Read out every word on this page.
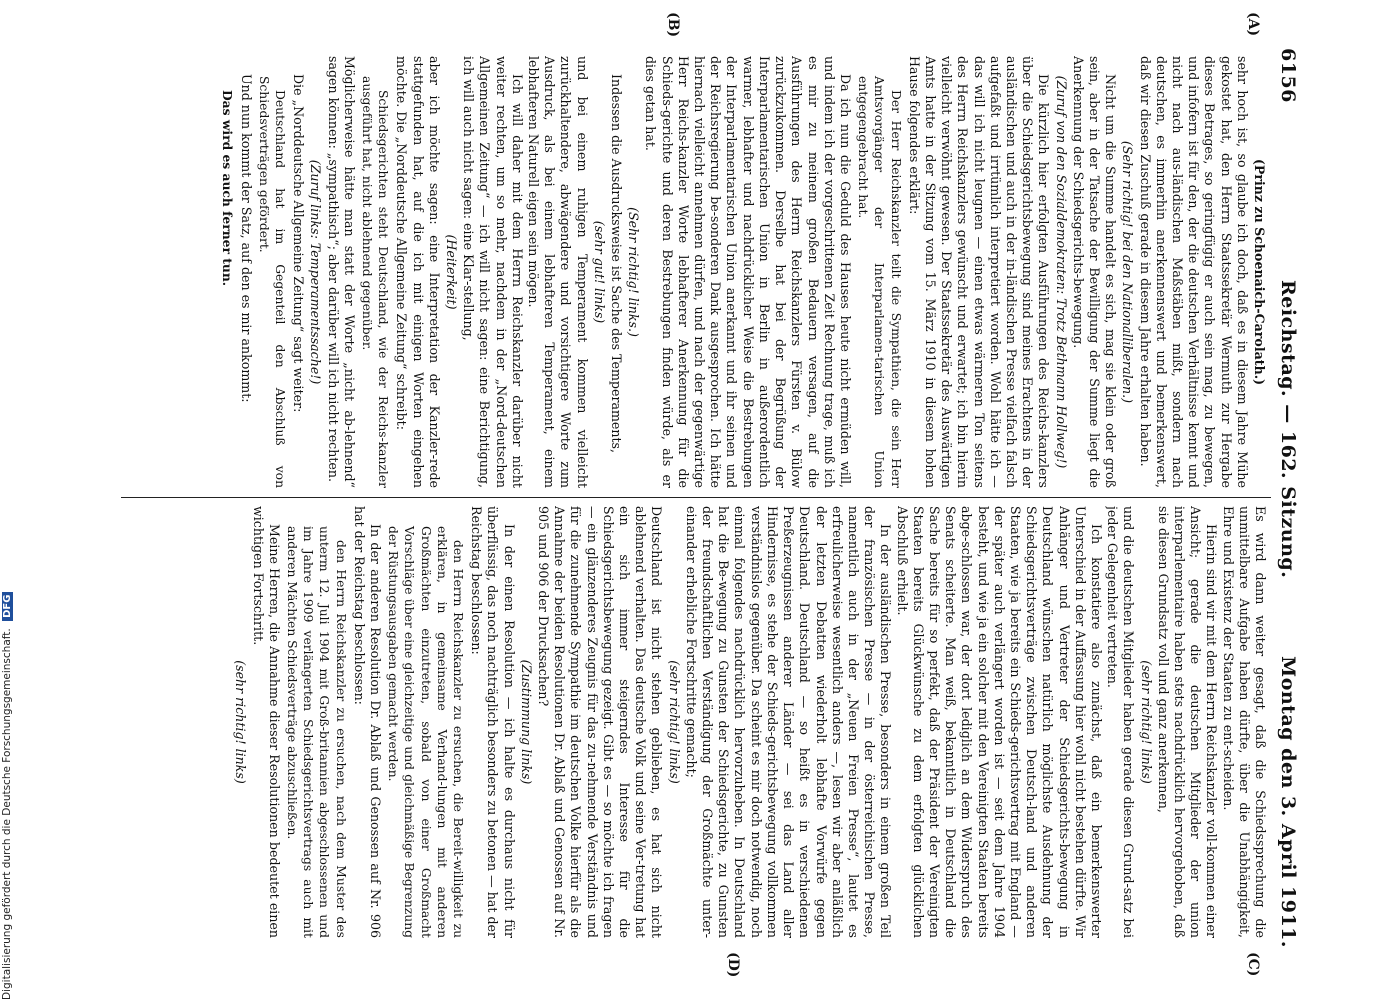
6156
Reichstag. — 162. Sitzung.
Montag den 3. April 1911.
(A)
(B)
(C)
(D)
(Prinz zu Schoenaich-Carolath.)

sehr hoch ist, so glaube ich doch, daß es in diesem Jahre Mühe gekostet hat, den Herrn Staatssekretär Wermuth zur Hergabe dieses Betrages, so geringfügig er auch sein mag, zu bewegen, und infofern ist für den, der die deutschen Verhältnisse kennt und nicht nach aus-ländischen Maßstäben mißt, sondern nach deutschen, es immerhin anerkennenswert und bemerkenswert, daß wir diesen Zuschuß gerade in diesem Jahre erhalten haben.

(Sehr richtig! bei den Nationalliberalen.)

Nicht um die Summe handelt es sich, mag sie klein oder groß sein, aber in der Tatsache der Bewilligung der Summe liegt die Anerkennung der Schiedsgerichts-bewegung.

(Zuruf von den Sozialdemokraten: Trotz Bethmann Hollweg!)

Die kürzlich hier erfolgten Ausführungen des Reichs-kanzlers über die Schiedsgerichtsbewegung sind meines Erachtens in der ausländischen und auch in der in-ländischen Presse vielfach falsch aufgefaßt und irrtümlich interpretiert worden. Wohl hätte ich — das will ich nicht leugnen — einen etwas wärmeren Ton seitens des Herrn Reichskanzlers gewünscht und erwartet; ich bin hierin vielleicht verwöhnt gewesen. Der Staatssekretär des Auswärtigen Amts hatte in der Sitzung vom 15. März 1910 in diesem hohen Hause folgendes erklärt:

Der Herr Reichskanzler teilt die Sympathien, die sein Herr Amtsvorgänger der Interparlamen-tarischen Union entgegengebracht hat.

Da ich nun die Geduld des Hauses heute nicht ermüden will, und indem ich der vorgeschrittenen Zeit Rechnung trage, muß ich es mir zu meinem großen Bedauern versagen, auf die Ausführungen des Herrn Reichskanzlers Fürsten v. Bülow zurückzukommen. Derselbe hat bei der Begrüßung der Interparlamentarischen Union in Berlin in außerordentlich warmer, lebhafter und nachdrücklicher Weise die Bestrebungen der Interparlamentarischen Union anerkannt und ihr seinen und der Reichsregierung be-sonderen Dank ausgesprochen. Ich hätte hiernach vielleicht annehmen dürfen, und nach der gegenwärtige Herr Reichs-kanzler Worte lebhafterer Anerkennung für die Schieds-gerichte und deren Bestrebungen finden würde, als er dies getan hat.

(Sehr richtig! links.)

Indessen die Ausdrucksweise ist Sache des Temperaments,

(sehr gut! links)

und bei einem ruhigen Temperament kommen vielleicht zurückhaltendere, abwägendere und vorsichtigere Worte zum Ausdruck, als bei einem lebhafteren Temperament, einem lebhafteren Naturell eigen sein mögen.

Ich will daher mit dem Herrn Reichskanzler darüber nicht weiter rechten, um so mehr, nachdem in der „Nord-deutschen Allgemeinen Zeitung“ — ich will nicht sagen: eine Berichtigung, ich will auch nicht sagen: eine Klar-stellung,

(Heiterkeit)

aber ich möchte sagen: eine Interpretation der Kanzler-rede stattgefunden hat, auf die ich mit einigen Worten eingehen möchte. Die „Norddeutsche Allgemeine Zeitung“ schreibt:

Schiedsgerichten steht Deutschland, wie der Reichs-kanzler ausgeführt hat, nicht ablehnend gegenüber.

Möglicherweise hätte man statt der Worte „nicht ab-lehnend“ sagen können: „sympathisch“; aber darüber will ich nicht rechten.

(Zuruf links: Temperamentssache!)

Die „Norddeutsche Allgemeine Zeitung“ sagt weiter:

Deutschland hat im Gegenteil den Abschluß von Schiedsverträgen gefördert.

Und nun kommt der Satz, auf den es mir ankommt:

Das wird es auch ferner tun.

Es wird dann weiter gesagt, daß die Schiedssprechung die unmittelbare Aufgabe haben dürfte, über die Unabhängigkeit, Ehre und Existenz der Staaten zu ent-scheiden.

Hierin sind wir mit dem Herrn Reichskanzler voll-kommen einer Ansicht; gerade die deutschen Mitglieder der union interparlementaire haben stets nachdrücklich hervorgehoben, daß sie diesen Grundsatz voll und ganz anerkennen,

(sehr richtig! links)

und die deutschen Mitglieder haben gerade diesen Grund-satz bei jeder Gelegenheit vertreten.

Ich konstatiere also zunächst, daß ein bemerkenswerter Unterschied in der Auffassung hier wohl nicht bestehen dürfte. Wir Anhänger und Vertreter der Schiedsgerichts-bewegung in Deutschland wünschen natürlich möglichste Ausdehnung der Schiedsgerichtsverträge zwischen Deutsch-land und anderen Staaten, wie ja bereits ein Schieds-gerichtsvertrag mit England — der später auch verlängert worden ist — seit dem Jahre 1904 besteht, und wie ja ein solcher mit den Vereinigten Staaten bereits abge-schlossen war, der dort lediglich an dem Widerspruch des Senats scheiterte. Man weiß, bekanntlich in Deutschland die Sache bereits für so perfekt, daß der Präsident der Vereinigten Staaten bereits Glückwünsche zu dem erfolgten glücklichen Abschluß erhielt.

In der ausländischen Presse, besonders in einem großen Teil der französischen Presse — in der österreichischen Presse, namentlich auch in der „Neuen Freien Presse“, lautet es erfreulicherweise wesentlich anders —, lesen wir aber anläßlich der letzten Debatten wiederholt lebhafte Vorwürfe gegen Deutschland. Deutschland — so heißt es in verschiedenen Preßerzeugnissen anderer Länder — sei das Land aller Hindernisse, es stehe der Schieds-gerichtsbewegung vollkommen verständnislos gegenüber. Da scheint es mir doch notwendig, noch einmal folgendes nachdrücklich hervorzuheben. In Deutschland hat die Be-wegung zu Gunsten der Schiedsgerichte, zu Gunsten der freundschaftlichen Verständigung der Großmächte unter-einander erhebliche Fortschritte gemacht;

(sehr richtig! links)

Deutschland ist nicht stehen geblieben, es hat sich nicht ablehnend verhalten. Das deutsche Volk und seine Ver-tretung hat ein sich immer steigerndes Interesse für die Schiedsgerichtsbewegung gezeigt. Gibt es — so möchte ich fragen — ein glänzenderes Zeugnis für das zu-nehmende Verständnis und für die zunehmende Sympathie im deutschen Volke hierfür als die Annahme der beiden Resolutionen Dr. Ablaß und Genossen auf Nr. 905 und 906 der Drucksachen?

(Zustimmung links)

In der einen Resolution — ich halte es durchaus nicht für überflüssig, das noch nachträglich besonders zu betonen — hat der Reichstag beschlossen:

den Herrn Reichskanzler zu ersuchen, die Bereit-willigkeit zu erklären, in gemeinsame Verhand-lungen mit anderen Großmächten einzutreten, sobald von einer Großmacht Vorschläge über eine gleichzeitige und gleichmäßige Begrenzung der Rüstungsausgaben gemacht werden.

In der anderen Resolution Dr. Ablaß und Genossen auf Nr. 906 hat der Reichstag beschlossen:

den Herrn Reichskanzler zu ersuchen, nach dem Muster des unterm 12. Juli 1904 mit Groß-britannien abgeschlossenen und im Jahre 1909 verlängerten Schiedsgerichtsvertrags auch mit anderen Mächten Schiedsverträge abzuschließen.

Meine Herren, die Annahme dieser Resolutionen bedeutet einen wichtigen Fortschritt.

(sehr richtig! links)
Digitalisierung gefördert durch die Deutsche Forschungsgemeinschaft. DFG
